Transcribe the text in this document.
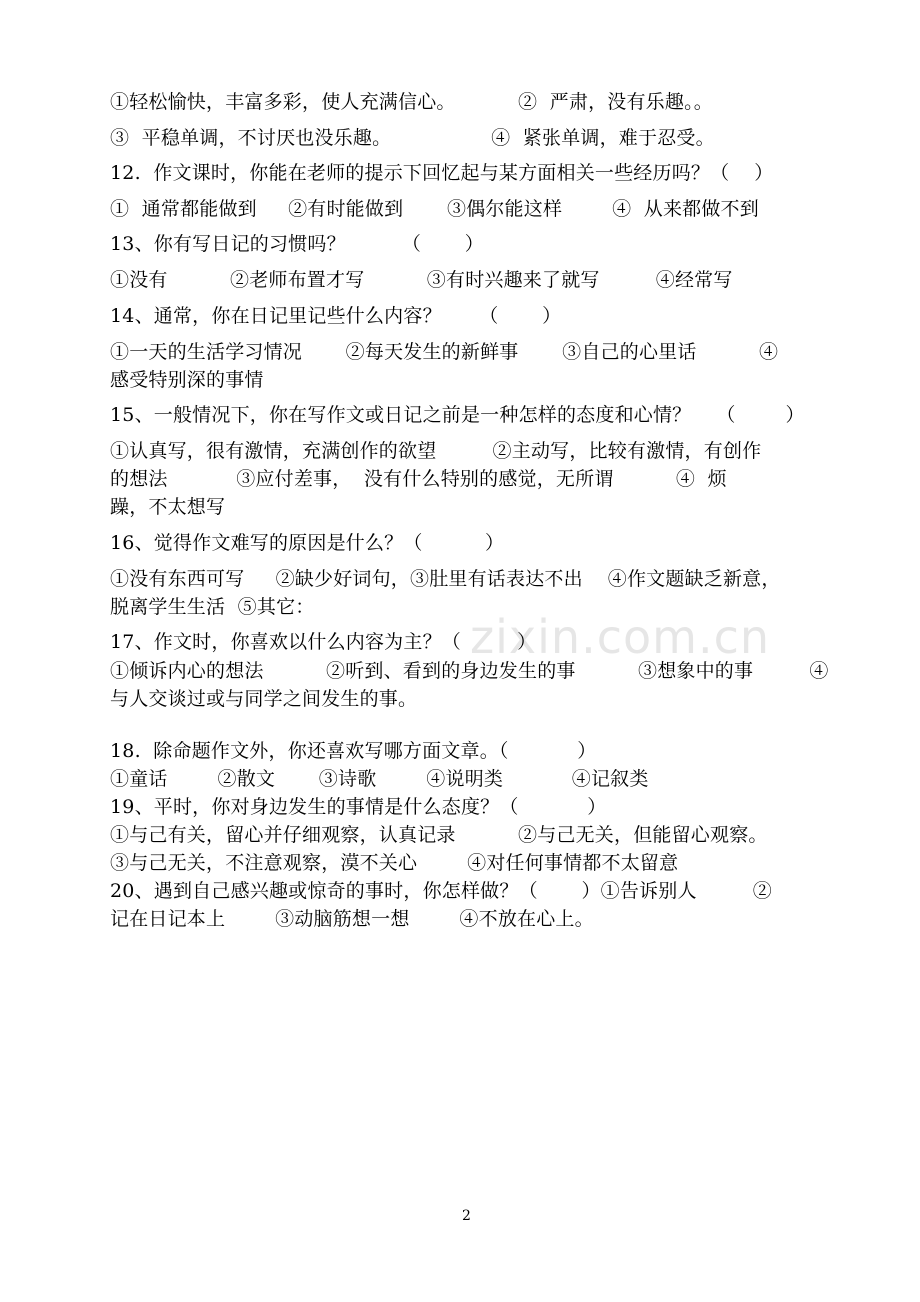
zixin.com.cn
①轻松愉快，丰富多彩，使人充满信心。          ②  严肃，没有乐趣。。
③  平稳单调，不讨厌也没乐趣。                ④  紧张单调，难于忍受。
12.  作文课时，你能在老师的提示下回忆起与某方面相关一些经历吗？（    ）
①  通常都能做到     ②有时能做到       ③偶尔能这样        ④  从来都做不到
13、你有写日记的习惯吗？         （       ）
①没有          ②老师布置才写          ③有时兴趣来了就写         ④经常写
14、通常，你在日记里记些什么内容？      （       ）
①一天的生活学习情况       ②每天发生的新鲜事       ③自己的心里话          ④
感受特别深的事情
15、一般情况下，你在写作文或日记之前是一种怎样的态度和心情？    （        ）
①认真写，很有激情，充满创作的欲望         ②主动写，比较有激情，有创作
的想法           ③应付差事，  没有什么特别的感觉，无所谓          ④  烦
躁，不太想写
16、觉得作文难写的原因是什么？（          ）
①没有东西可写     ②缺少好词句，③肚里有话表达不出    ④作文题缺乏新意，
脱离学生生活  ⑤其它：
17、作文时，你喜欢以什么内容为主？（         ）
①倾诉内心的想法          ②听到、看到的身边发生的事          ③想象中的事         ④
与人交谈过或与同学之间发生的事。
18.  除命题作文外，你还喜欢写哪方面文章。（           ）
①童话        ②散文       ③诗歌        ④说明类           ④记叙类
19、平时，你对身边发生的事情是什么态度？（           ）
①与己有关，留心并仔细观察，认真记录          ②与己无关，但能留心观察。
③与己无关，不注意观察，漠不关心        ④对任何事情都不太留意
20、遇到自己感兴趣或惊奇的事时，你怎样做？（       ）①告诉别人         ②
记在日记本上        ③动脑筋想一想        ④不放在心上。
2
